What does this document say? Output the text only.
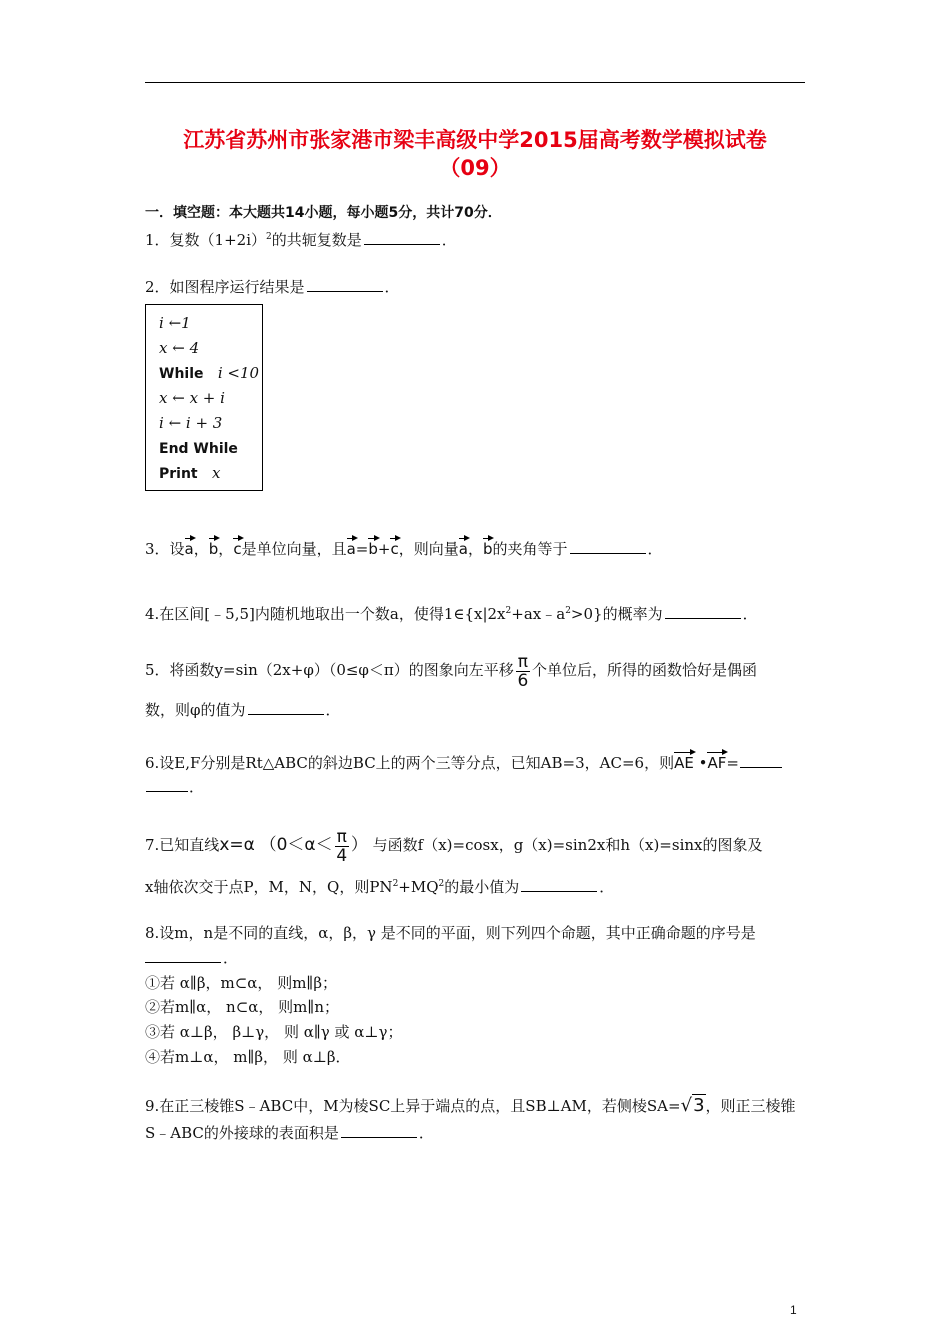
江苏省苏州市张家港市梁丰高级中学2015届高考数学模拟试卷
（09）
一．填空题：本大题共14小题，每小题5分，共计70分．
1．复数$(1+2i)^2$的共轭复数是	．
2．如图程序运行结果是	．
i ←1
x ← 4
While i <10
x ← x + i
i ← i + 3
End While
Print x
3．设a，b，c是单位向量，且a=b+c，则向量a，b的夹角等于	．
4.在区间[﹣5,5]内随机地取出一个数a，使得$1\in\{x|2x^2+ax﹣a^2>0\}$的概率为	．
5．将函数y=sin（2x+φ）（0≤φ＜π）的图象向左平移 $\frac{\pi}{6}$ 个单位后，所得的函数恰好是偶函
数，则φ的值为	．
6.设E,F分别是Rt△ABC的斜边BC上的两个三等分点，已知AB=3，AC=6，则AE •AF=
．
7.已知直线x=α （$0<\alpha< \frac{\pi}{4}$ ） 与函数f（x)=cosx，g（x)=sin2x和h（x)=sinx的图象及
x轴依次交于点P，M，N，Q，则$PN^2+MQ^2$的最小值为	．
8.设m，n是不同的直线，α，β，γ 是不同的平面，则下列四个命题，其中正确命题的序号是
．
①若 α∥β，m⊂α， 则m∥β；
②若m∥α， n⊂α， 则m∥n；
③若 α⊥β， β⊥γ， 则 α∥γ 或 α⊥γ；
④若m⊥α， m∥β， 则 α⊥β．
9.在正三棱锥S﹣ABC中，M为棱SC上异于端点的点，且SB⊥AM，若侧棱SA=√3，则正三棱锥
S﹣ABC的外接球的表面积是	．
1
